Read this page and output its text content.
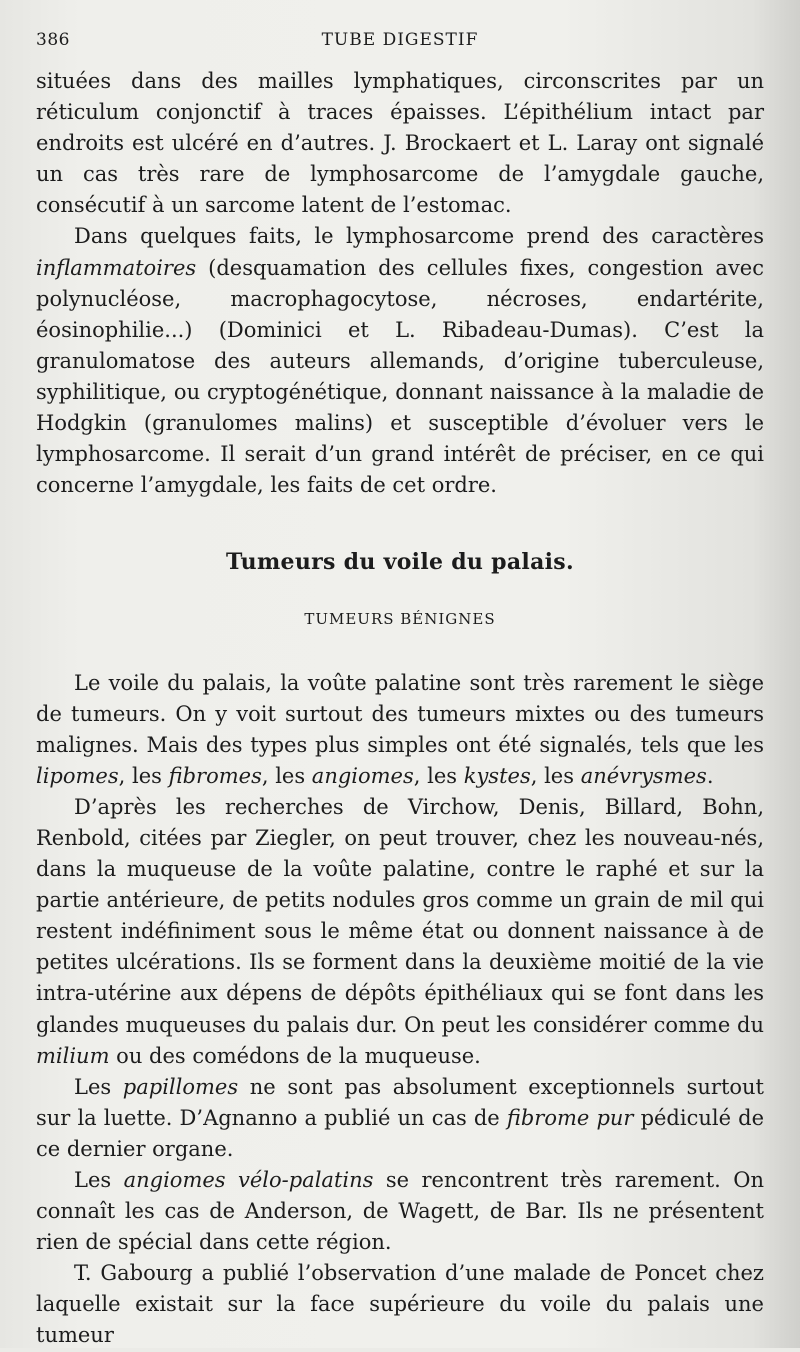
386	TUBE DIGESTIF

situées dans des mailles lymphatiques, circonscrites par un réticulum conjonctif à traces épaisses. L’épithélium intact par endroits est ulcéré en d’autres. J. Brockaert et L. Laray ont signalé un cas très rare de lymphosarcome de l’amygdale gauche, consécutif à un sarcome latent de l’estomac.

Dans quelques faits, le lymphosarcome prend des caractères inflammatoires (desquamation des cellules fixes, congestion avec polynucléose, macrophagocytose, nécroses, endartérite, éosinophilie...) (Dominici et L. Ribadeau-Dumas). C’est la granulomatose des auteurs allemands, d’origine tuberculeuse, syphilitique, ou cryptogénétique, donnant naissance à la maladie de Hodgkin (granulomes malins) et susceptible d’évoluer vers le lymphosarcome. Il serait d’un grand intérêt de préciser, en ce qui concerne l’amygdale, les faits de cet ordre.

Tumeurs du voile du palais.
TUMEURS BÉNIGNES

Le voile du palais, la voûte palatine sont très rarement le siège de tumeurs. On y voit surtout des tumeurs mixtes ou des tumeurs malignes. Mais des types plus simples ont été signalés, tels que les lipomes, les fibromes, les angiomes, les kystes, les anévrysmes.

D’après les recherches de Virchow, Denis, Billard, Bohn, Renbold, citées par Ziegler, on peut trouver, chez les nouveau-nés, dans la muqueuse de la voûte palatine, contre le raphé et sur la partie antérieure, de petits nodules gros comme un grain de mil qui restent indéfiniment sous le même état ou donnent naissance à de petites ulcérations. Ils se forment dans la deuxième moitié de la vie intra-utérine aux dépens de dépôts épithéliaux qui se font dans les glandes muqueuses du palais dur. On peut les considérer comme du milium ou des comédons de la muqueuse.

Les papillomes ne sont pas absolument exceptionnels surtout sur la luette. D’Agnanno a publié un cas de fibrome pur pédiculé de ce dernier organe.

Les angiomes vélo-palatins se rencontrent très rarement. On connaît les cas de Anderson, de Wagett, de Bar. Ils ne présentent rien de spécial dans cette région.

T. Gabourg a publié l’observation d’une malade de Poncet chez laquelle existait sur la face supérieure du voile du palais une tumeur
